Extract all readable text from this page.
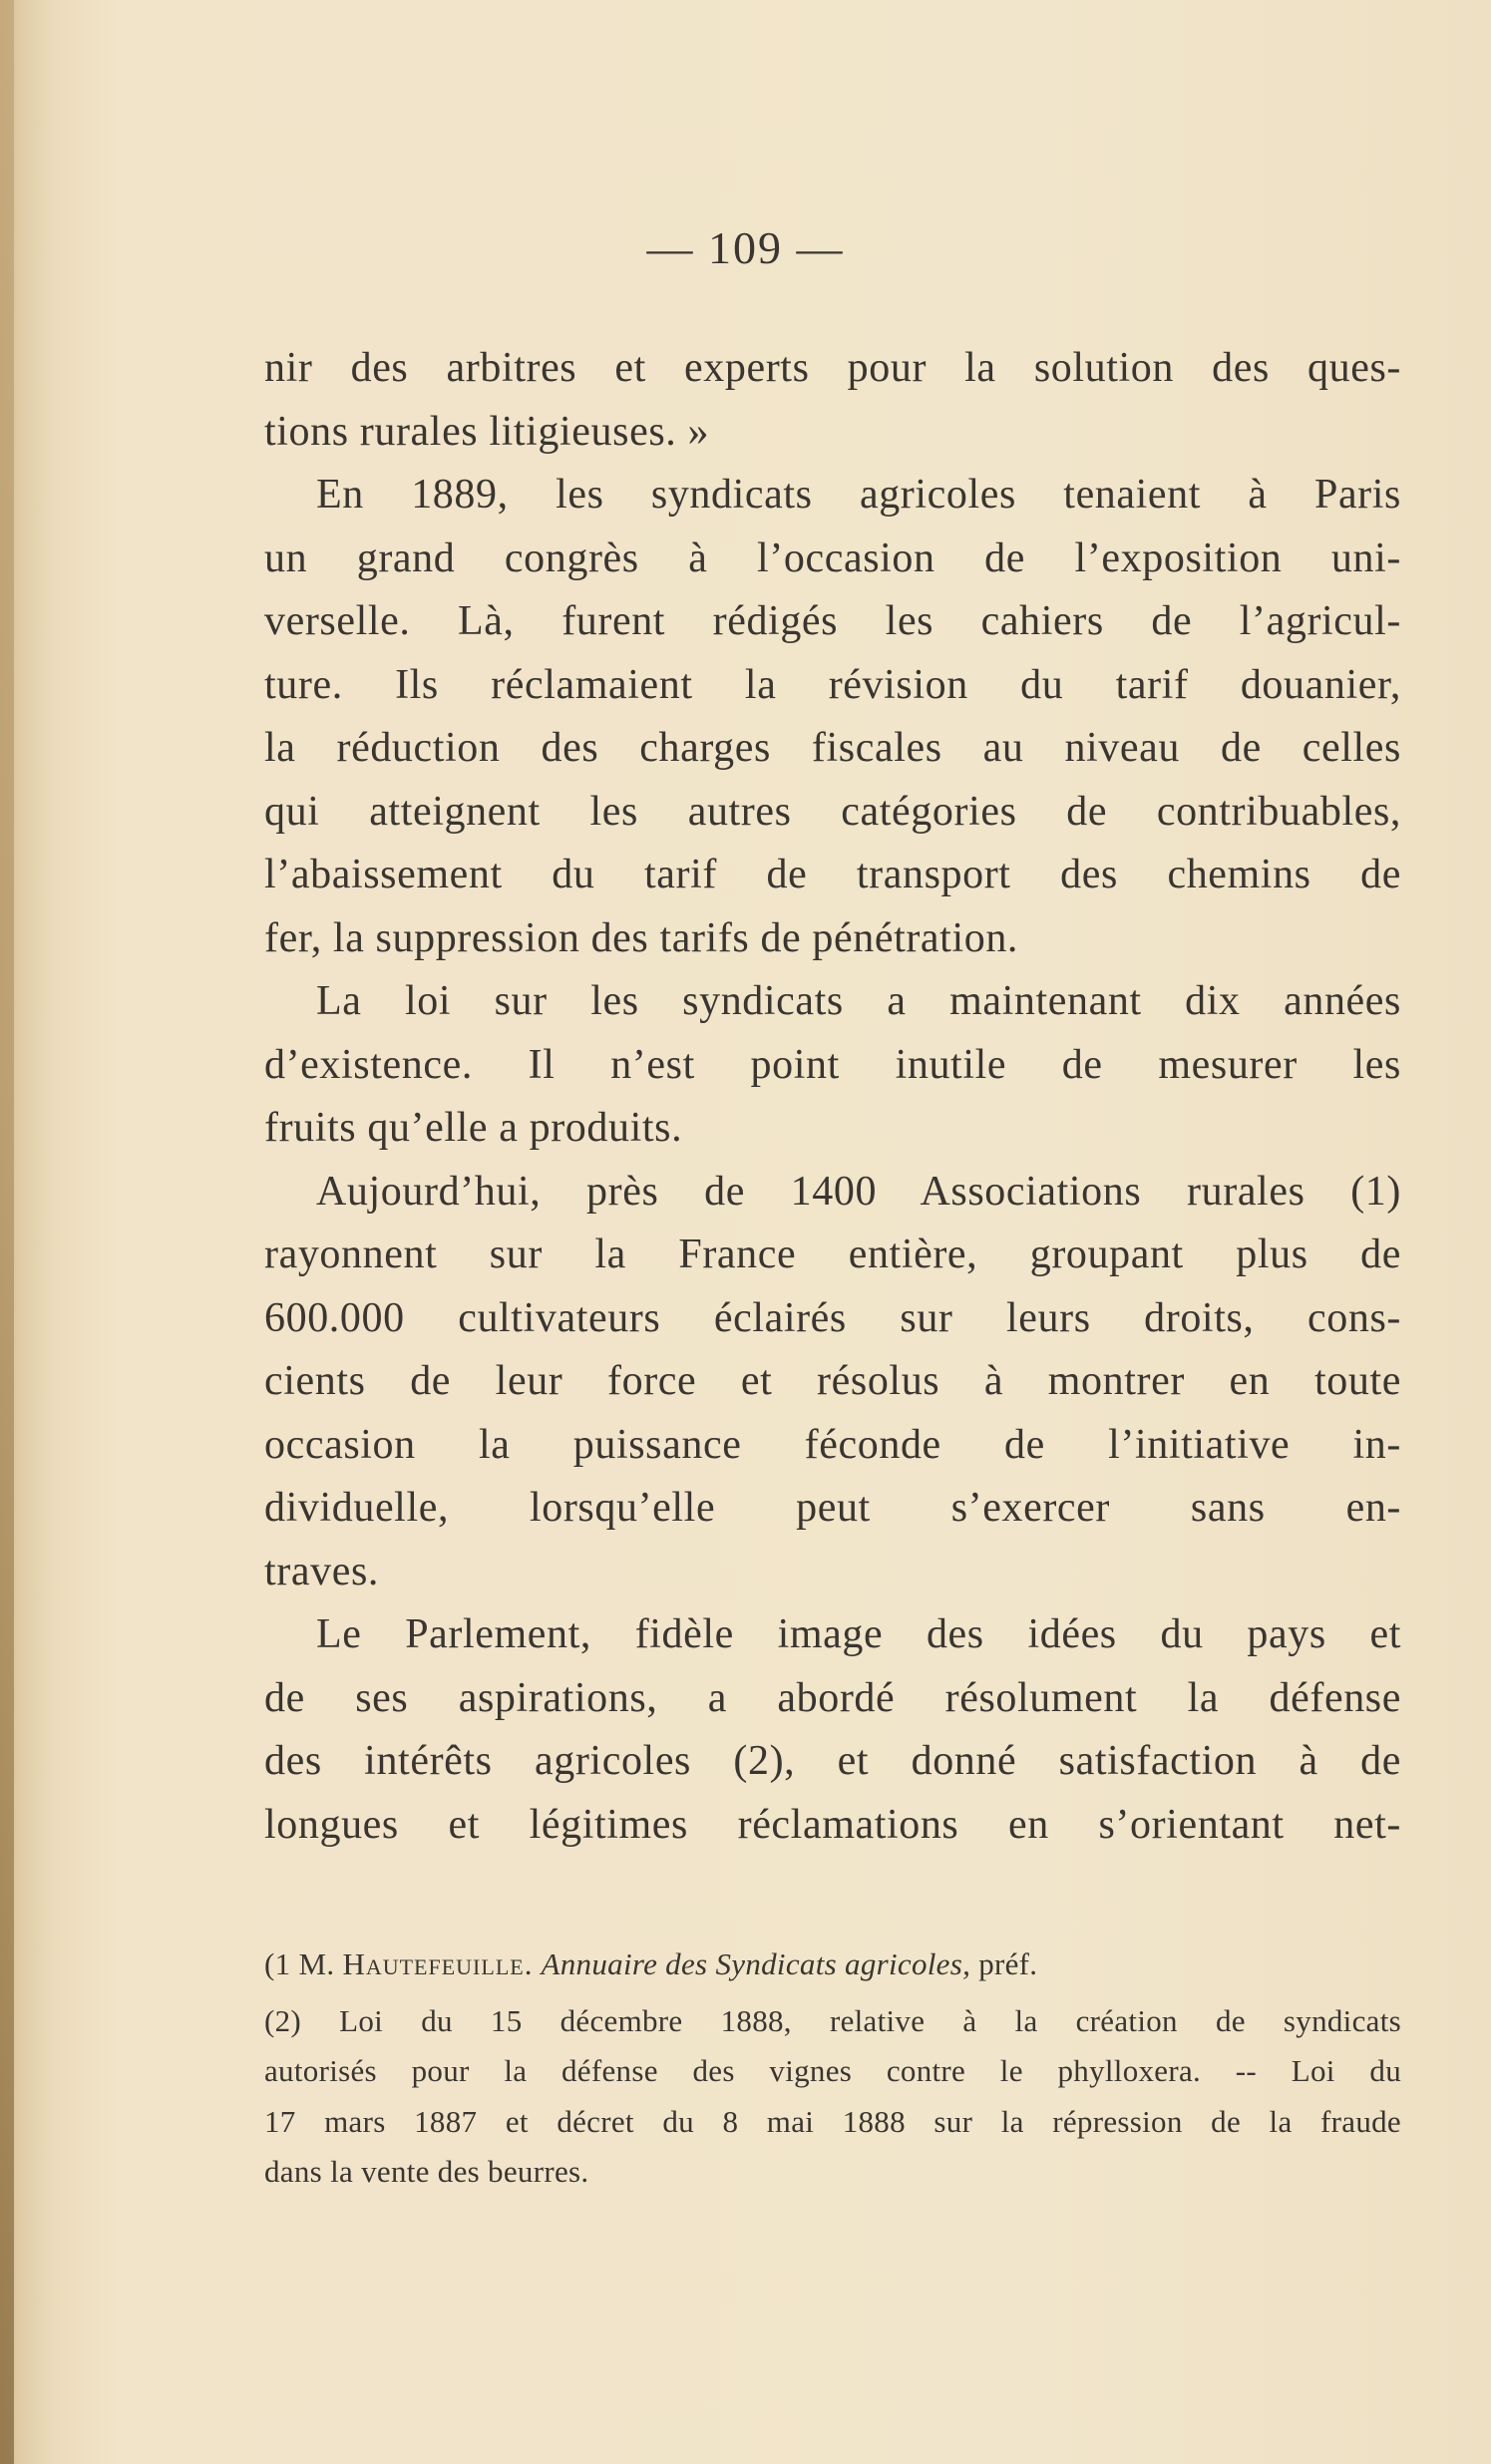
— 109 —
nir des arbitres et experts pour la solution des ques-
tions rurales litigieuses. »
En 1889, les syndicats agricoles tenaient à Paris
un grand congrès à l’occasion de l’exposition uni-
verselle. Là, furent rédigés les cahiers de l’agricul-
ture. Ils réclamaient la révision du tarif douanier,
la réduction des charges fiscales au niveau de celles
qui atteignent les autres catégories de contribuables,
l’abaissement du tarif de transport des chemins de
fer, la suppression des tarifs de pénétration.
La loi sur les syndicats a maintenant dix années
d’existence. Il n’est point inutile de mesurer les
fruits qu’elle a produits.
Aujourd’hui, près de 1400 Associations rurales (1)
rayonnent sur la France entière, groupant plus de
600.000 cultivateurs éclairés sur leurs droits, cons-
cients de leur force et résolus à montrer en toute
occasion la puissance féconde de l’initiative in-
dividuelle, lorsqu’elle peut s’exercer sans en-
traves.
Le Parlement, fidèle image des idées du pays et
de ses aspirations, a abordé résolument la défense
des intérêts agricoles (2), et donné satisfaction à de
longues et légitimes réclamations en s’orientant net-
(1 M. Hautefeuille. Annuaire des Syndicats agricoles, préf.
(2) Loi du 15 décembre 1888, relative à la création de syndicats
autorisés pour la défense des vignes contre le phylloxera. -- Loi du
17 mars 1887 et décret du 8 mai 1888 sur la répression de la fraude
dans la vente des beurres.
